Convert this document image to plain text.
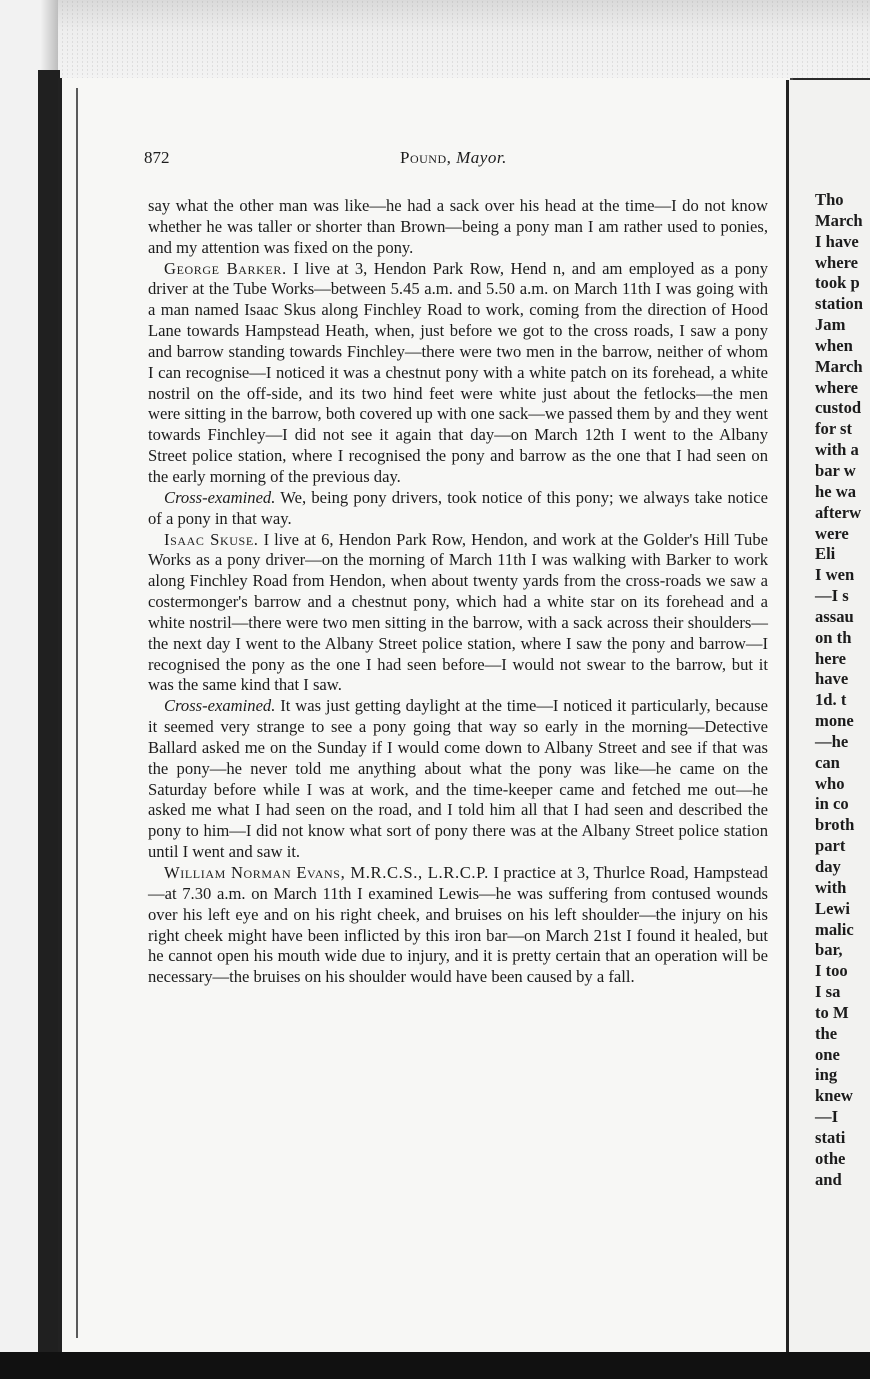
872	Pound, Mayor.

say what the other man was like—he had a sack over his head at the time—I do not know whether he was taller or shorter than Brown—being a pony man I am rather used to ponies, and my attention was fixed on the pony.

George Barker. I live at 3, Hendon Park Row, Hend n, and am employed as a pony driver at the Tube Works—between 5.45 a.m. and 5.50 a.m. on March 11th I was going with a man named Isaac Skus along Finchley Road to work, coming from the direction of Hood Lane towards Hampstead Heath, when, just before we got to the cross roads, I saw a pony and barrow standing towards Finchley—there were two men in the barrow, neither of whom I can recognise—I noticed it was a chestnut pony with a white patch on its forehead, a white nostril on the off-side, and its two hind feet were white just about the fetlocks—the men were sitting in the barrow, both covered up with one sack—we passed them by and they went towards Finchley—I did not see it again that day—on March 12th I went to the Albany Street police station, where I recognised the pony and barrow as the one that I had seen on the early morning of the previous day.

Cross-examined. We, being pony drivers, took notice of this pony; we always take notice of a pony in that way.

Isaac Skuse. I live at 6, Hendon Park Row, Hendon, and work at the Golder's Hill Tube Works as a pony driver—on the morning of March 11th I was walking with Barker to work along Finchley Road from Hendon, when about twenty yards from the cross-roads we saw a costermonger's barrow and a chestnut pony, which had a white star on its forehead and a white nostril—there were two men sitting in the barrow, with a sack across their shoulders—the next day I went to the Albany Street police station, where I saw the pony and barrow—I recognised the pony as the one I had seen before—I would not swear to the barrow, but it was the same kind that I saw.

Cross-examined. It was just getting daylight at the time—I noticed it particularly, because it seemed very strange to see a pony going that way so early in the morning—Detective Ballard asked me on the Sunday if I would come down to Albany Street and see if that was the pony—he never told me anything about what the pony was like—he came on the Saturday before while I was at work, and the time-keeper came and fetched me out—he asked me what I had seen on the road, and I told him all that I had seen and described the pony to him—I did not know what sort of pony there was at the Albany Street police station until I went and saw it.

William Norman Evans, M.R.C.S., L.R.C.P. I practice at 3, Thurlce Road, Hampstead—at 7.30 a.m. on March 11th I examined Lewis—he was suffering from contused wounds over his left eye and on his right cheek, and bruises on his left shoulder—the injury on his right cheek might have been inflicted by this iron bar—on March 21st I found it healed, but he cannot open his mouth wide due to injury, and it is pretty certain that an operation will be necessary—the bruises on his shoulder would have been caused by a fall.

Tho
March
I have
where
took p
station
Jam
when
March
where
custod
for st
with a
bar w
he wa
afterw
were
Eli
I wen
—I s
assau
on th
here
have
1d. t
mone
—he
can
who
in co
broth
part
day
with
Lewi
malic
bar,
I too
I sa
to M
the
one
ing
knew
—I
stati
othe
and
